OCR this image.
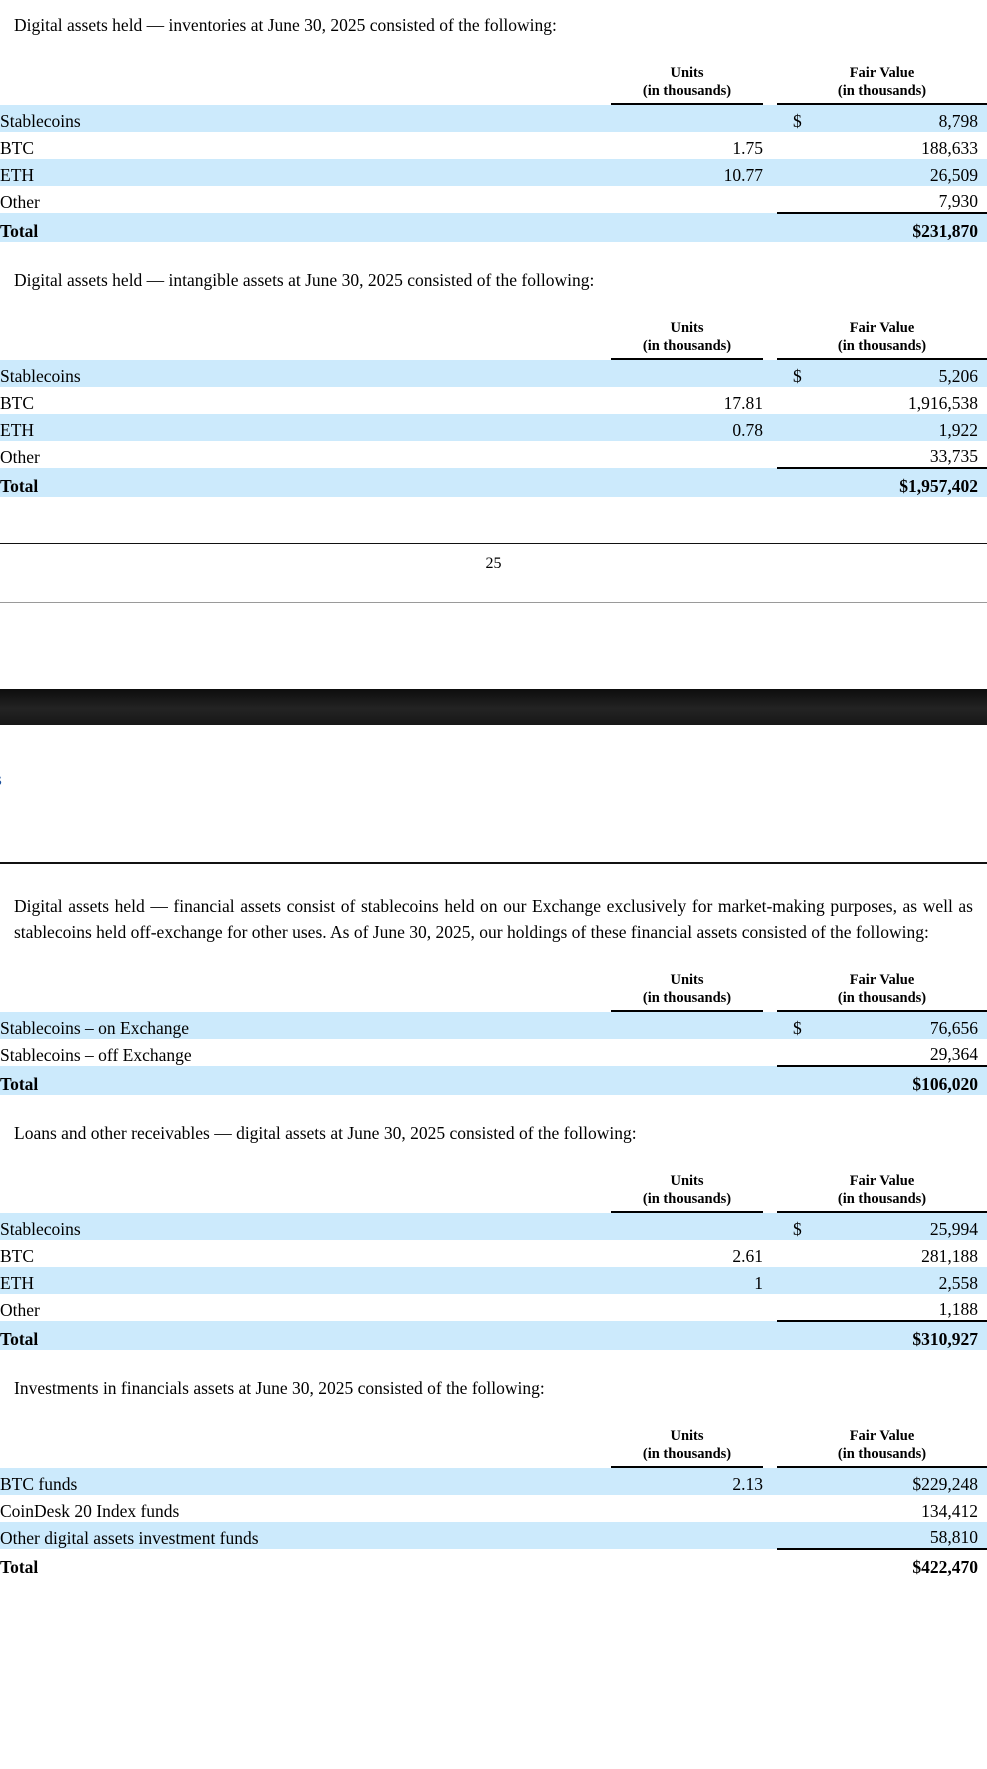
Digital assets held — inventories at June 30, 2025 consisted of the following:

	Units
(in thousands)		Fair Value
(in thousands)

Stablecoins			$ 8,798
BTC	1.75		188,633
ETH	10.77		26,509
Other			7,930
Total			$231,870

Digital assets held — intangible assets at June 30, 2025 consisted of the following:

	Units
(in thousands)		Fair Value
(in thousands)

Stablecoins			$ 5,206
BTC	17.81		1,916,538
ETH	0.78		1,922
Other			33,735
Total			$1,957,402
25

Digital assets held — financial assets consist of stablecoins held on our Exchange exclusively for market-making purposes, as well as stablecoins held off-exchange for other uses. As of June 30, 2025, our holdings of these financial assets consisted of the following:

	Units
(in thousands)		Fair Value
(in thousands)

Stablecoins – on Exchange			$ 76,656
Stablecoins – off Exchange			29,364
Total			$106,020

Loans and other receivables — digital assets at June 30, 2025 consisted of the following:

	Units
(in thousands)		Fair Value
(in thousands)

Stablecoins			$ 25,994
BTC	2.61		281,188
ETH	1		2,558
Other			1,188
Total			$310,927

Investments in financials assets at June 30, 2025 consisted of the following:

	Units
(in thousands)		Fair Value
(in thousands)

BTC funds	2.13		$229,248
CoinDesk 20 Index funds			134,412
Other digital assets investment funds			58,810
Total			$422,470
